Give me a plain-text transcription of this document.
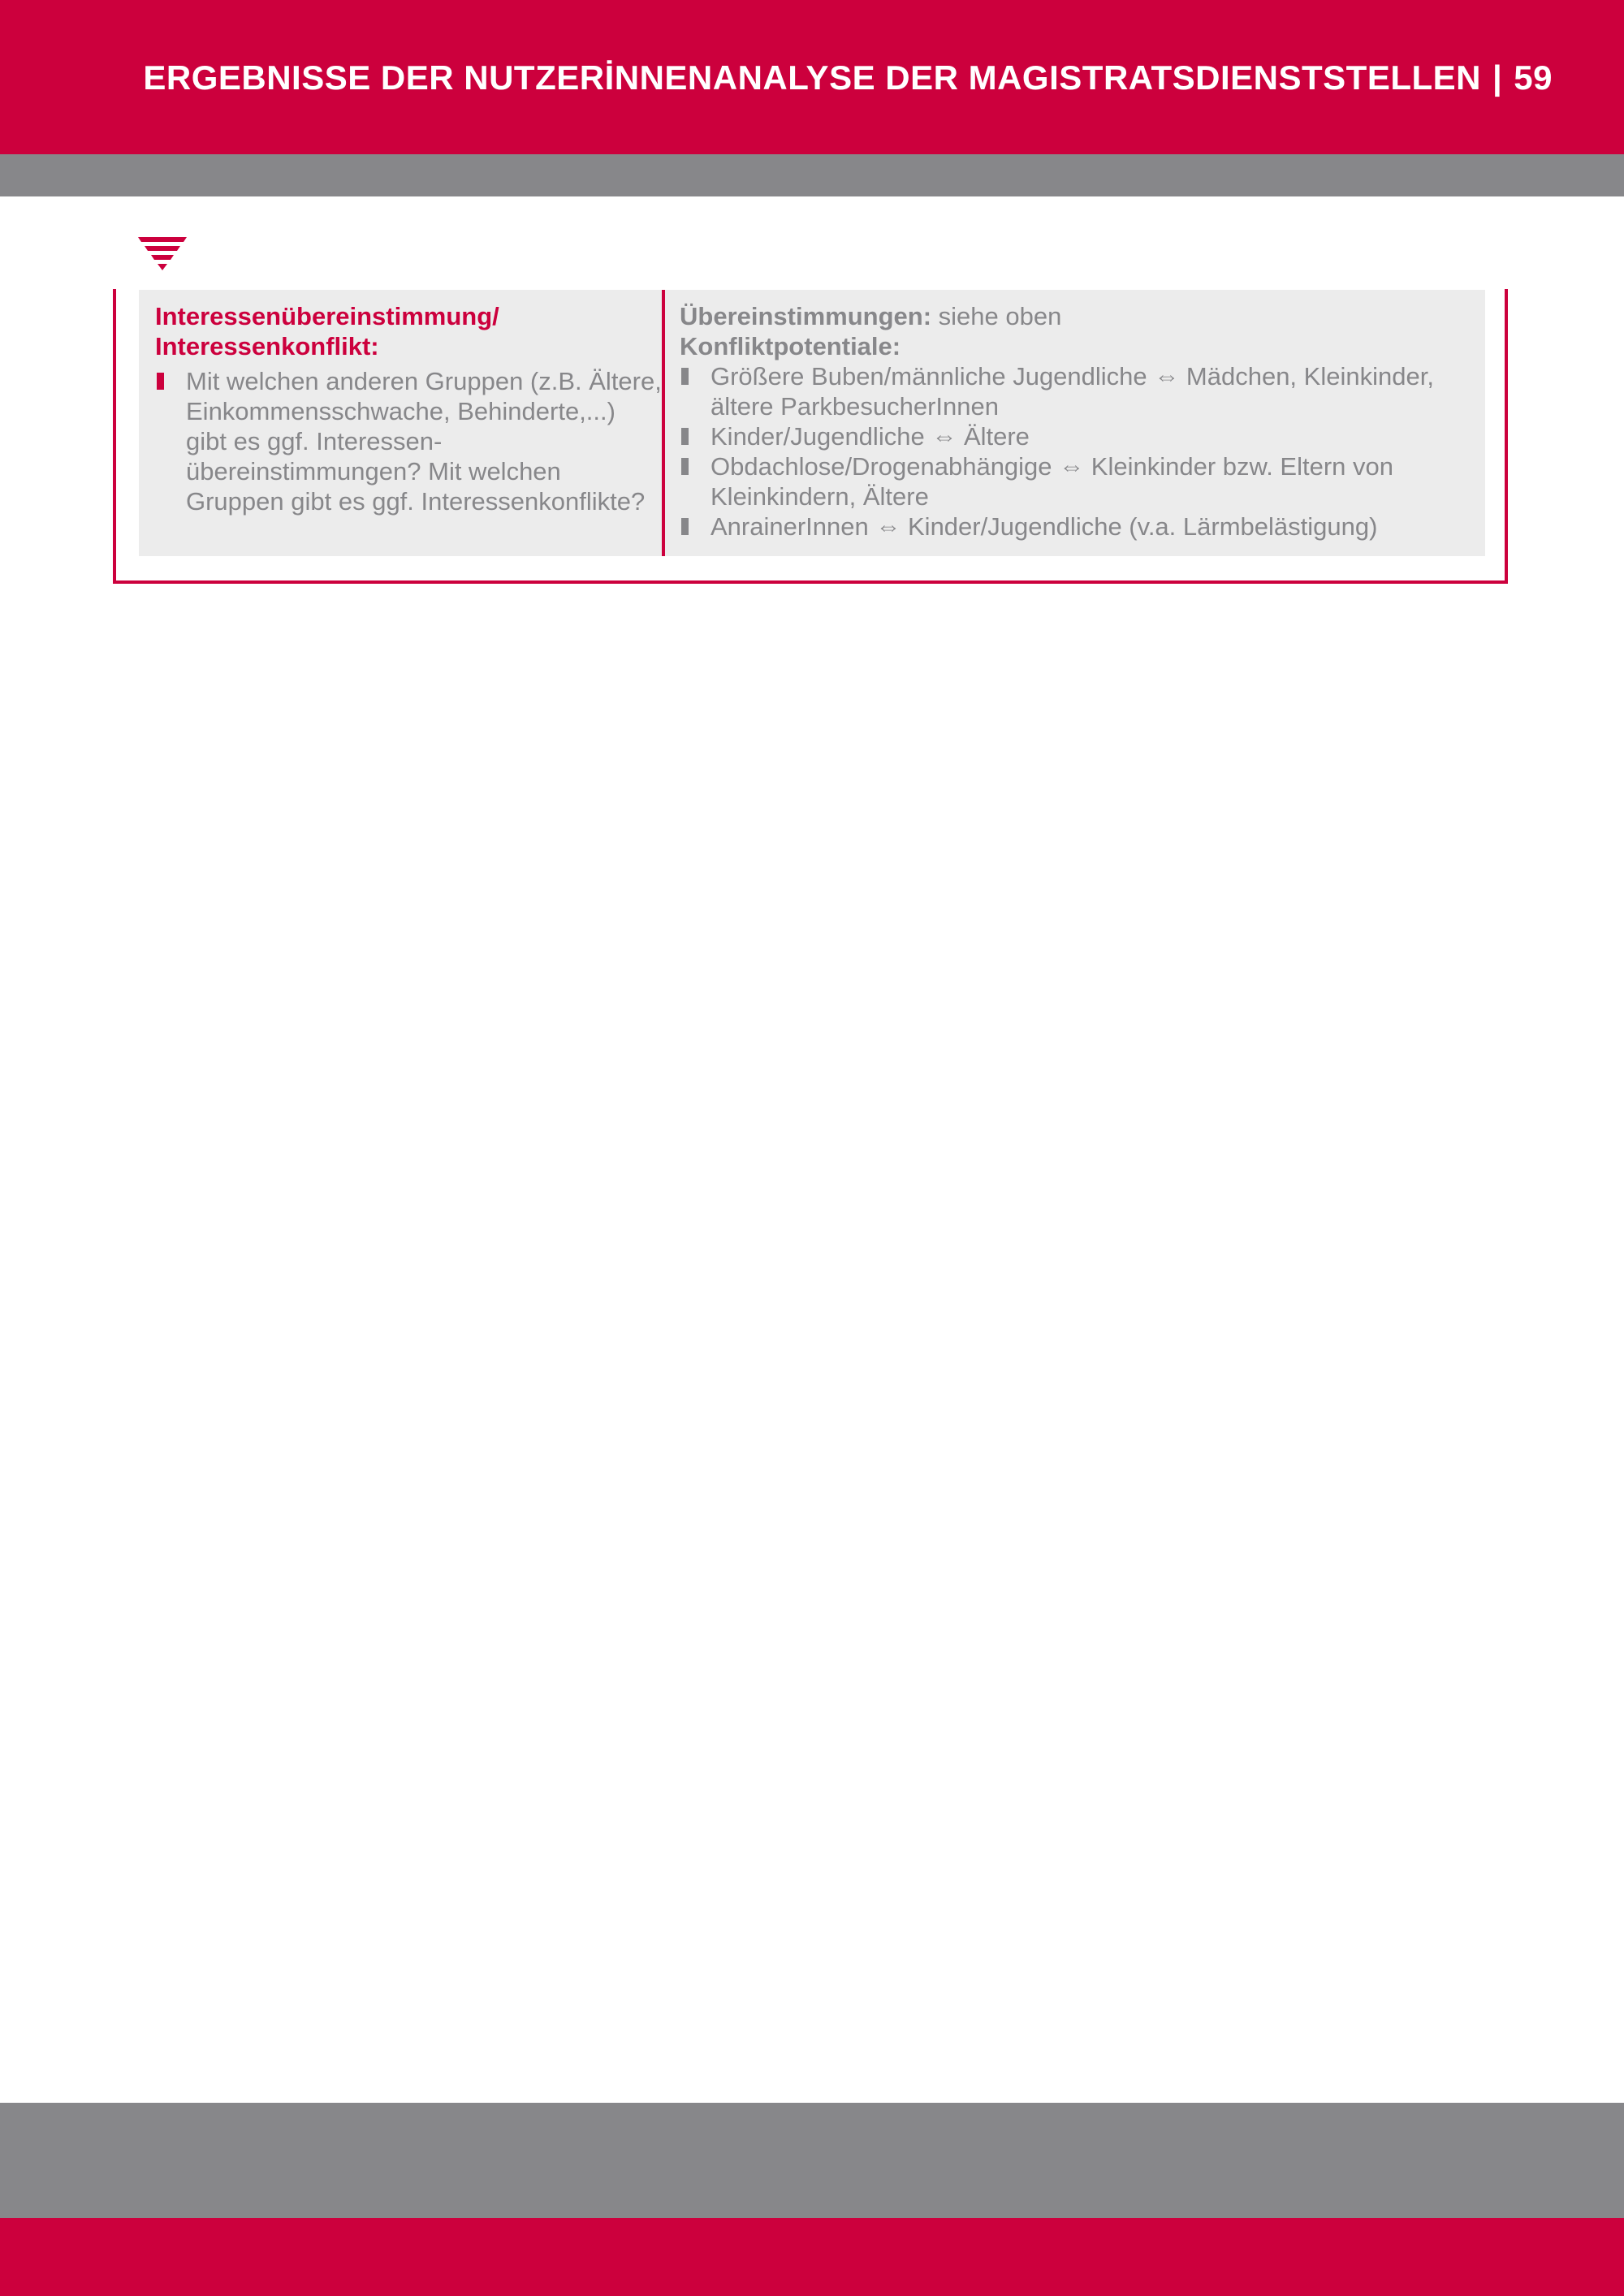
ERGEBNISSE DER NUTZERİNNENANALYSE DER MAGISTRATSDIENSTSTELLEN | 59
Interessenübereinstimmung/
Interessenkonflikt:
Mit welchen anderen Gruppen (z.B. Ältere, Einkommensschwache, Behinderte,...) gibt es ggf. Interessen-übereinstimmungen? Mit welchen Gruppen gibt es ggf. Interessenkonflikte?
Übereinstimmungen: siehe oben
Konfliktpotentiale:
Größere Buben/männliche Jugendliche ⇔ Mädchen, Kleinkinder, ältere ParkbesucherInnen
Kinder/Jugendliche ⇔ Ältere
Obdachlose/Drogenabhängige ⇔ Kleinkinder bzw. Eltern von Kleinkindern, Ältere
AnrainerInnen ⇔ Kinder/Jugendliche (v.a. Lärmbelästigung)
